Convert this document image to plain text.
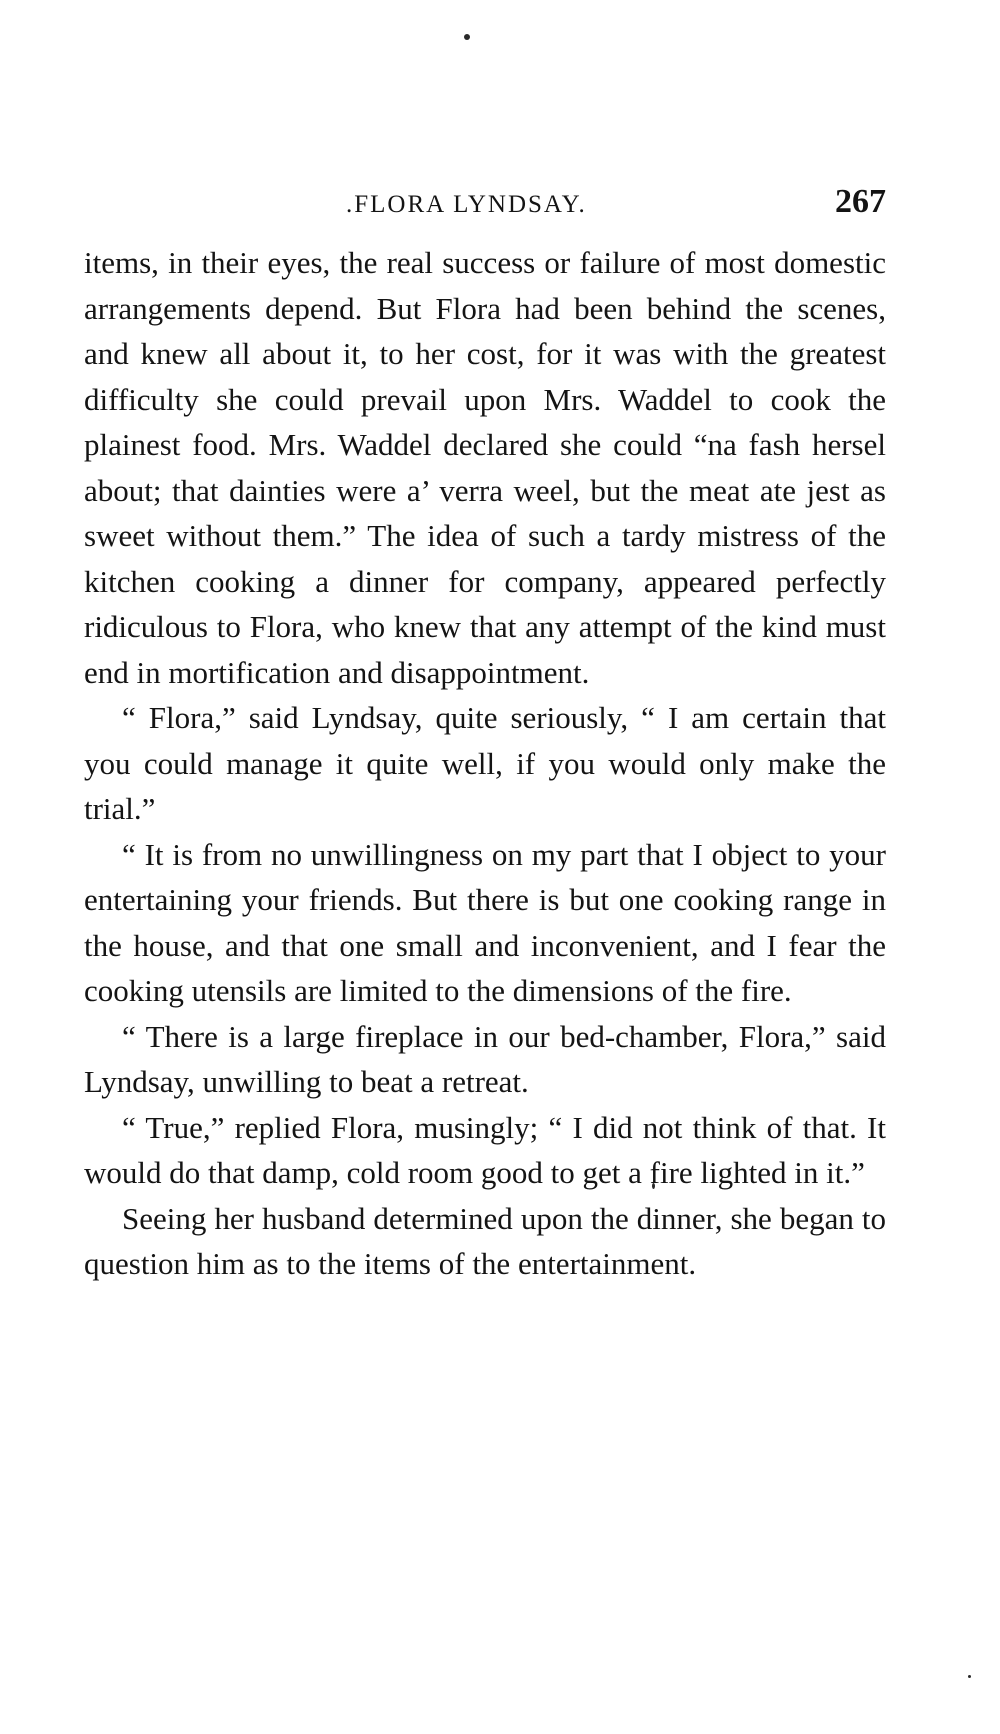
.FLORA LYNDSAY.	267

items, in their eyes, the real success or failure of most domestic arrangements depend. But Flora had been behind the scenes, and knew all about it, to her cost, for it was with the greatest difficulty she could prevail upon Mrs. Waddel to cook the plainest food. Mrs. Waddel declared she could “na fash hersel about; that dainties were a’ verra weel, but the meat ate jest as sweet without them.” The idea of such a tardy mistress of the kitchen cooking a dinner for company, appeared perfectly ridiculous to Flora, who knew that any attempt of the kind must end in mortification and disappointment.

“ Flora,” said Lyndsay, quite seriously, “ I am certain that you could manage it quite well, if you would only make the trial.”

“ It is from no unwillingness on my part that I object to your entertaining your friends. But there is but one cooking range in the house, and that one small and inconvenient, and I fear the cooking utensils are limited to the dimensions of the fire.

“ There is a large fireplace in our bed-chamber, Flora,” said Lyndsay, unwilling to beat a retreat.

“ True,” replied Flora, musingly; “ I did not think of that. It would do that damp, cold room good to get a fire lighted in it.”

Seeing her husband determined upon the dinner, she began to question him as to the items of the entertainment.
